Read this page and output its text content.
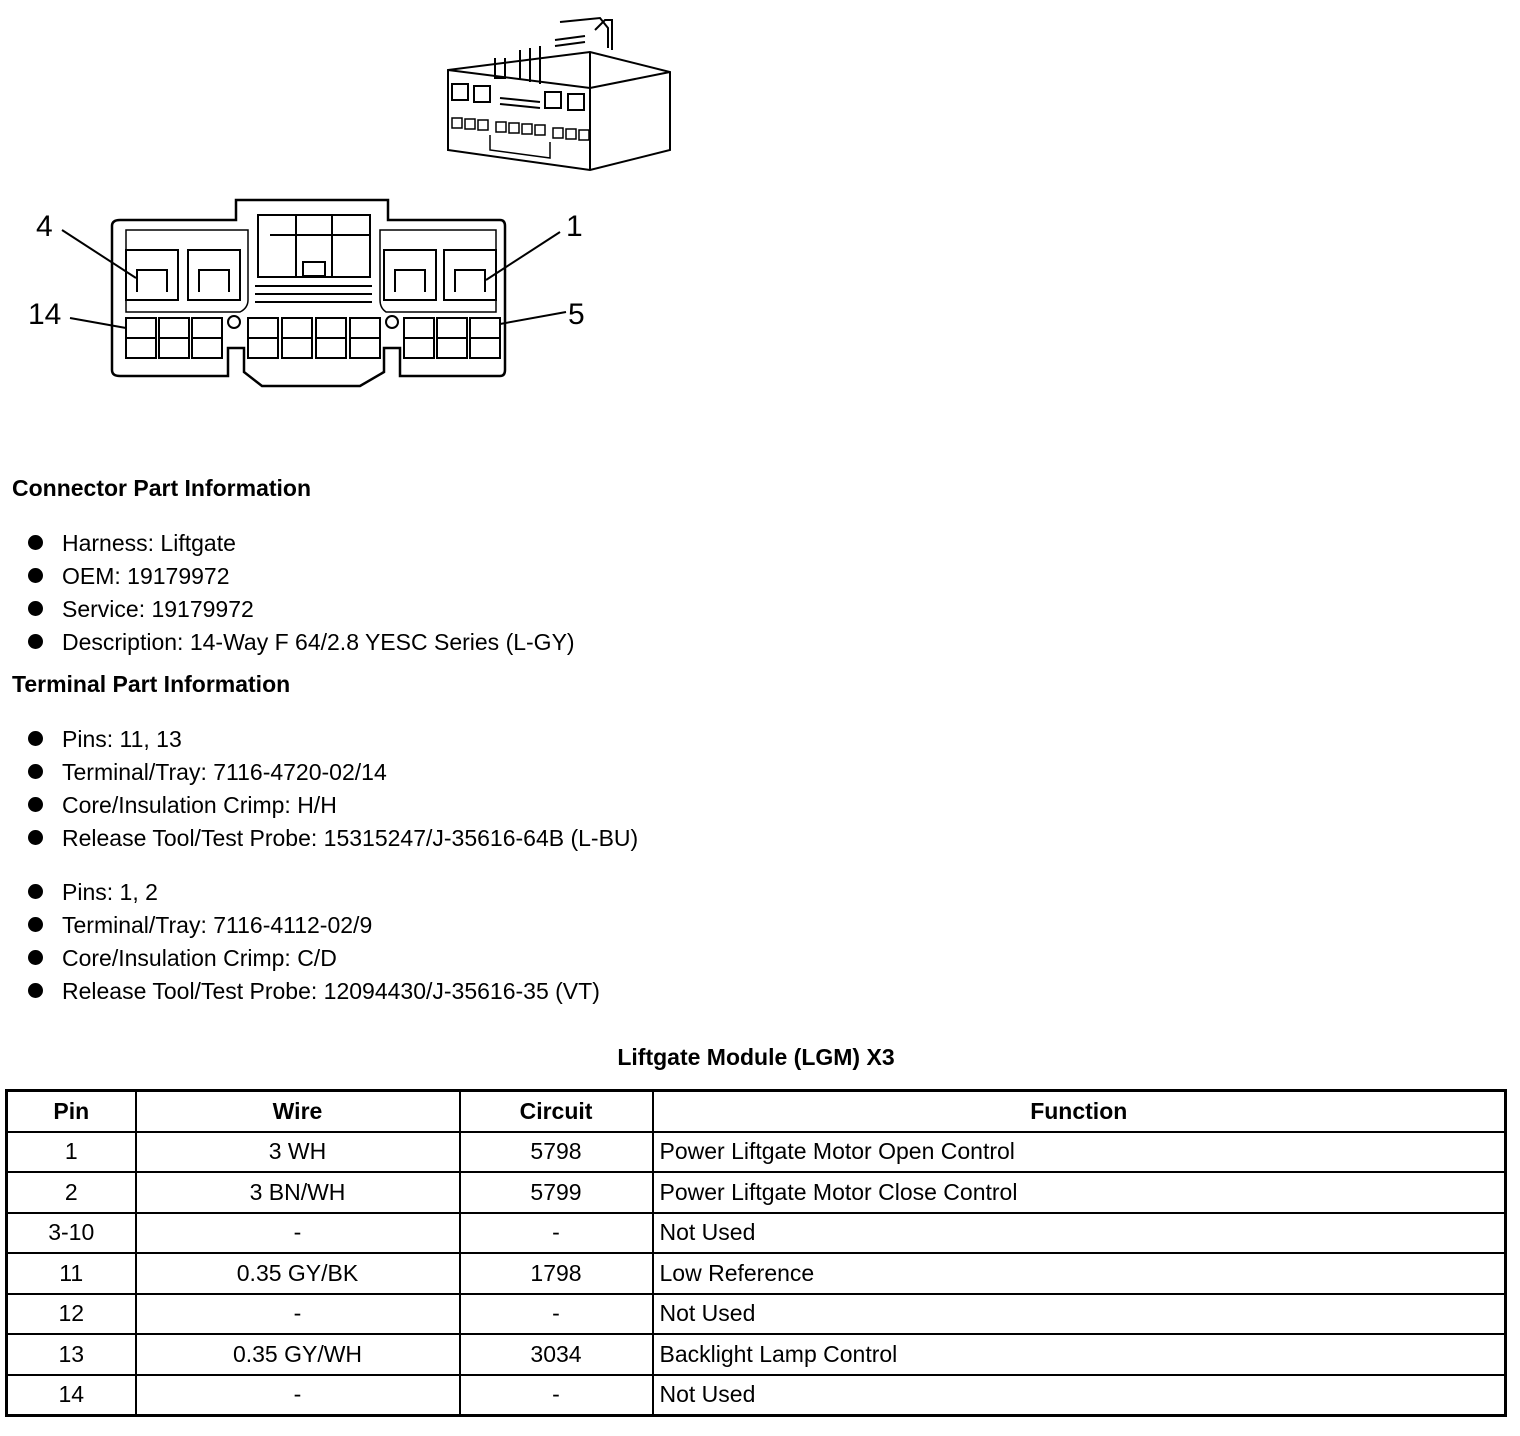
4	1
14	5
Connector Part Information
Harness: Liftgate
OEM: 19179972
Service: 19179972
Description: 14-Way F 64/2.8 YESC Series (L-GY)
Terminal Part Information
Pins: 11, 13
Terminal/Tray: 7116-4720-02/14
Core/Insulation Crimp: H/H
Release Tool/Test Probe: 15315247/J-35616-64B (L-BU)
Pins: 1, 2
Terminal/Tray: 7116-4112-02/9
Core/Insulation Crimp: C/D
Release Tool/Test Probe: 12094430/J-35616-35 (VT)
Liftgate Module (LGM) X3
Pin	Wire	Circuit	Function
1	3 WH	5798	Power Liftgate Motor Open Control
2	3 BN/WH	5799	Power Liftgate Motor Close Control
3-10	-	-	Not Used
11	0.35 GY/BK	1798	Low Reference
12	-	-	Not Used
13	0.35 GY/WH	3034	Backlight Lamp Control
14	-	-	Not Used
